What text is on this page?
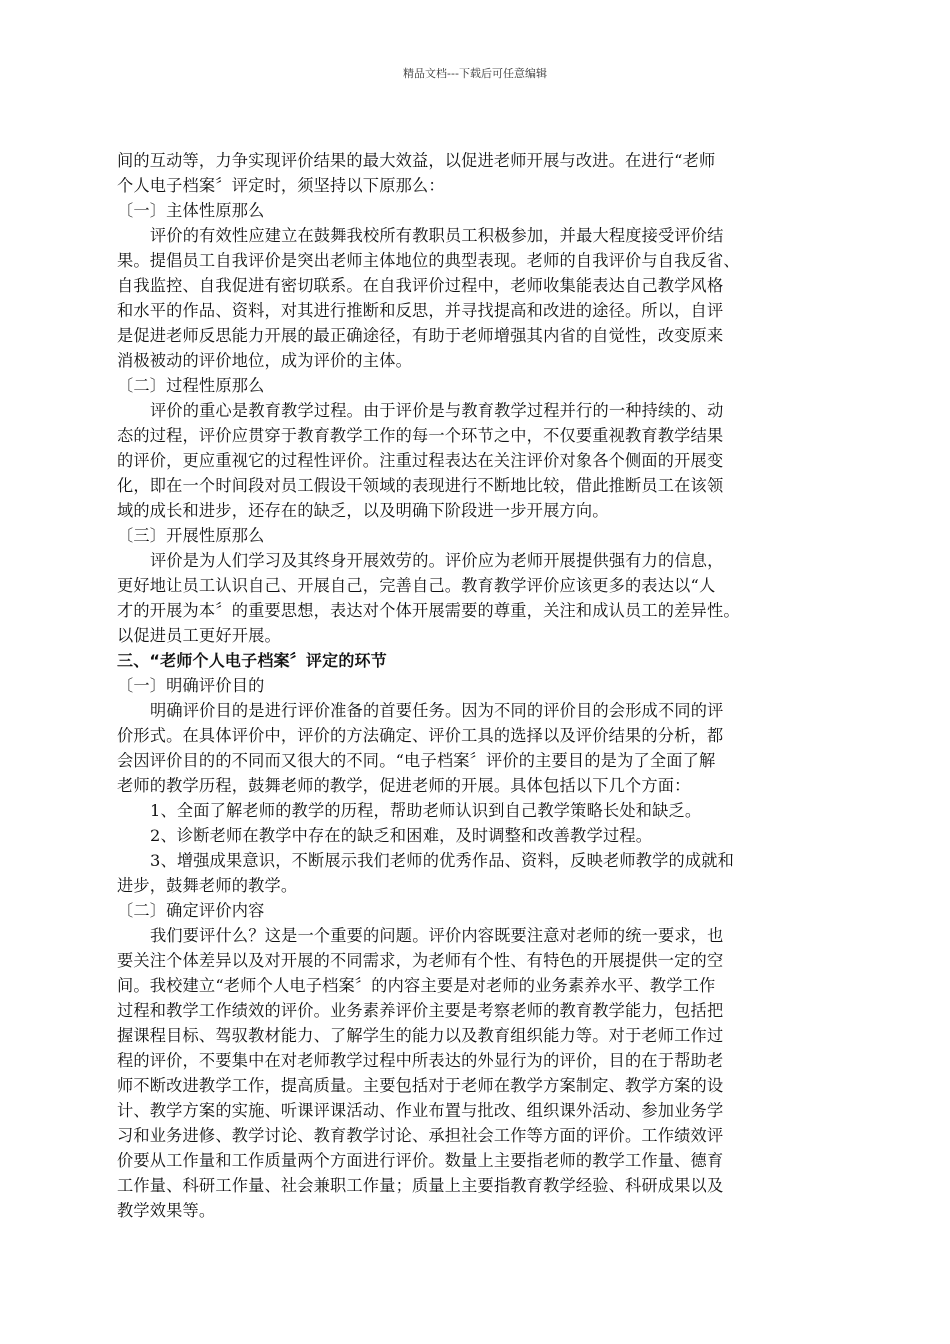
精品文档---下载后可任意编辑
间的互动等，力争实现评价结果的最大效益，以促进老师开展与改进。在进行“老师
个人电子档案〞评定时，须坚持以下原那么：
〔一〕主体性原那么
评价的有效性应建立在鼓舞我校所有教职员工积极参加，并最大程度接受评价结
果。提倡员工自我评价是突出老师主体地位的典型表现。老师的自我评价与自我反省、
自我监控、自我促进有密切联系。在自我评价过程中，老师收集能表达自己教学风格
和水平的作品、资料，对其进行推断和反思，并寻找提高和改进的途径。所以，自评
是促进老师反思能力开展的最正确途径，有助于老师增强其内省的自觉性，改变原来
消极被动的评价地位，成为评价的主体。
〔二〕过程性原那么
评价的重心是教育教学过程。由于评价是与教育教学过程并行的一种持续的、动
态的过程，评价应贯穿于教育教学工作的每一个环节之中，不仅要重视教育教学结果
的评价，更应重视它的过程性评价。注重过程表达在关注评价对象各个侧面的开展变
化，即在一个时间段对员工假设干领域的表现进行不断地比较，借此推断员工在该领
域的成长和进步，还存在的缺乏，以及明确下阶段进一步开展方向。
〔三〕开展性原那么
评价是为人们学习及其终身开展效劳的。评价应为老师开展提供强有力的信息，
更好地让员工认识自己、开展自己，完善自己。教育教学评价应该更多的表达以“人
才的开展为本〞的重要思想，表达对个体开展需要的尊重，关注和成认员工的差异性。
以促进员工更好开展。
三、“老师个人电子档案〞评定的环节
〔一〕明确评价目的
明确评价目的是进行评价准备的首要任务。因为不同的评价目的会形成不同的评
价形式。在具体评价中，评价的方法确定、评价工具的选择以及评价结果的分析，都
会因评价目的的不同而又很大的不同。“电子档案〞评价的主要目的是为了全面了解
老师的教学历程，鼓舞老师的教学，促进老师的开展。具体包括以下几个方面：
1、全面了解老师的教学的历程，帮助老师认识到自己教学策略长处和缺乏。
2、诊断老师在教学中存在的缺乏和困难，及时调整和改善教学过程。
3、增强成果意识，不断展示我们老师的优秀作品、资料，反映老师教学的成就和
进步，鼓舞老师的教学。
〔二〕确定评价内容
我们要评什么？这是一个重要的问题。评价内容既要注意对老师的统一要求，也
要关注个体差异以及对开展的不同需求，为老师有个性、有特色的开展提供一定的空
间。我校建立“老师个人电子档案〞的内容主要是对老师的业务素养水平、教学工作
过程和教学工作绩效的评价。业务素养评价主要是考察老师的教育教学能力，包括把
握课程目标、驾驭教材能力、了解学生的能力以及教育组织能力等。对于老师工作过
程的评价，不要集中在对老师教学过程中所表达的外显行为的评价，目的在于帮助老
师不断改进教学工作，提高质量。主要包括对于老师在教学方案制定、教学方案的设
计、教学方案的实施、听课评课活动、作业布置与批改、组织课外活动、参加业务学
习和业务进修、教学讨论、教育教学讨论、承担社会工作等方面的评价。工作绩效评
价要从工作量和工作质量两个方面进行评价。数量上主要指老师的教学工作量、德育
工作量、科研工作量、社会兼职工作量；质量上主要指教育教学经验、科研成果以及
教学效果等。
